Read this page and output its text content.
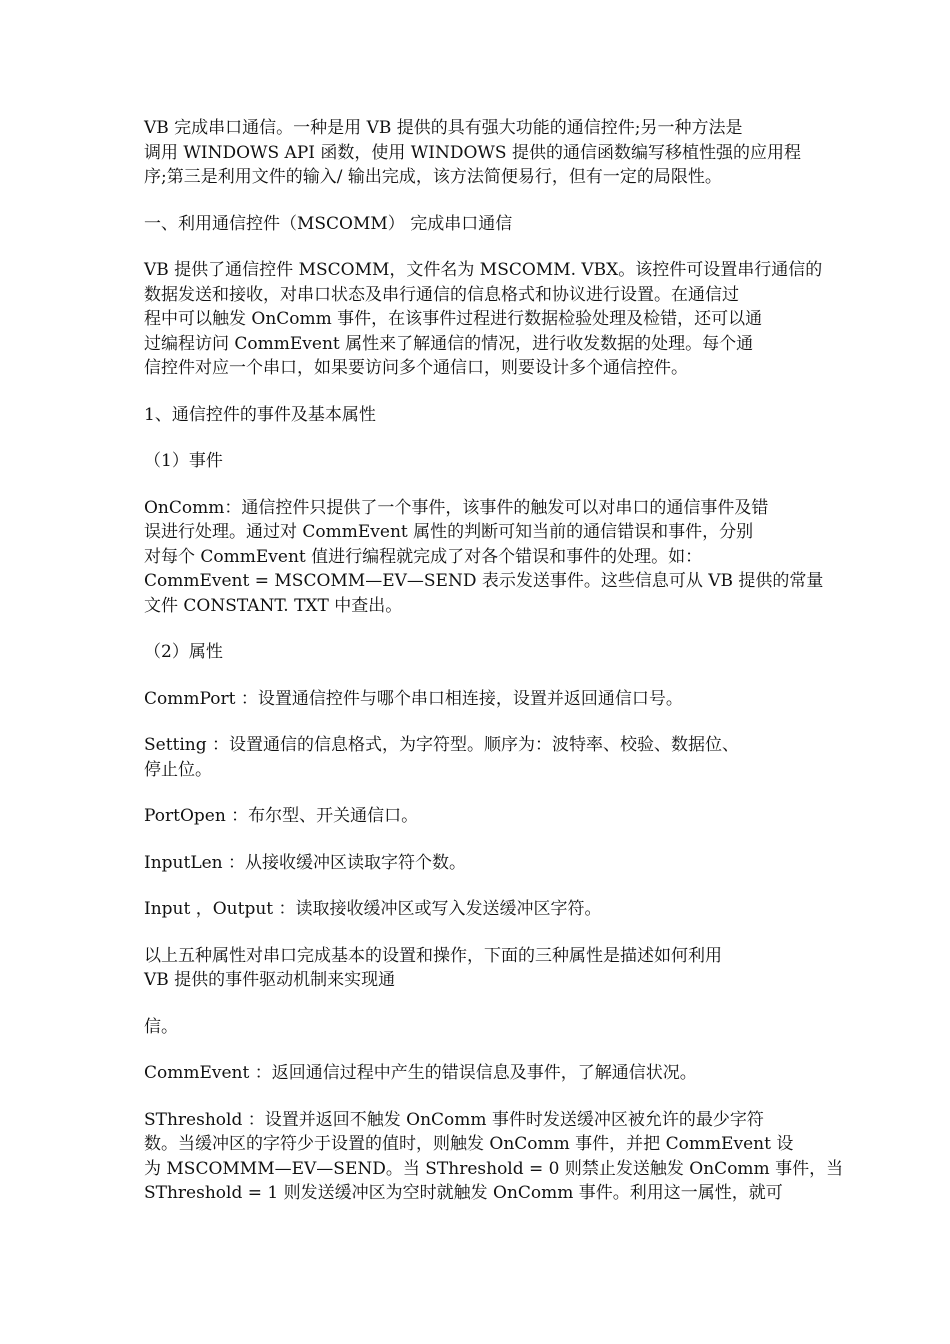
VB 完成串口通信。一种是用 VB 提供的具有强大功能的通信控件;另一种方法是
调用 WINDOWS API 函数，使用 WINDOWS 提供的通信函数编写移植性强的应用程
序;第三是利用文件的输入/ 输出完成，该方法简便易行，但有一定的局限性。
一、利用通信控件（MSCOMM） 完成串口通信
VB 提供了通信控件 MSCOMM，文件名为 MSCOMM. VBX。该控件可设置串行通信的
数据发送和接收，对串口状态及串行通信的信息格式和协议进行设置。在通信过
程中可以触发 OnComm 事件，在该事件过程进行数据检验处理及检错，还可以通
过编程访问 CommEvent 属性来了解通信的情况，进行收发数据的处理。每个通
信控件对应一个串口，如果要访问多个通信口，则要设计多个通信控件。
1、通信控件的事件及基本属性
（1）事件
OnComm：通信控件只提供了一个事件，该事件的触发可以对串口的通信事件及错
误进行处理。通过对 CommEvent 属性的判断可知当前的通信错误和事件，分别
对每个 CommEvent 值进行编程就完成了对各个错误和事件的处理。如：
CommEvent = MSCOMM—EV—SEND 表示发送事件。这些信息可从 VB 提供的常量
文件 CONSTANT. TXT 中查出。
（2）属性
CommPort ：设置通信控件与哪个串口相连接，设置并返回通信口号。
Setting ：设置通信的信息格式，为字符型。顺序为：波特率、校验、数据位、
停止位。
PortOpen ：布尔型、开关通信口。
InputLen ：从接收缓冲区读取字符个数。
Input ，Output ：读取接收缓冲区或写入发送缓冲区字符。
以上五种属性对串口完成基本的设置和操作，下面的三种属性是描述如何利用
VB 提供的事件驱动机制来实现通
信。
CommEvent ：返回通信过程中产生的错误信息及事件，了解通信状况。
SThreshold ：设置并返回不触发 OnComm 事件时发送缓冲区被允许的最少字符
数。当缓冲区的字符少于设置的值时，则触发 OnComm 事件，并把 CommEvent 设
为 MSCOMMM—EV—SEND。当 SThreshold = 0 则禁止发送触发 OnComm 事件，当
SThreshold = 1 则发送缓冲区为空时就触发 OnComm 事件。利用这一属性，就可
